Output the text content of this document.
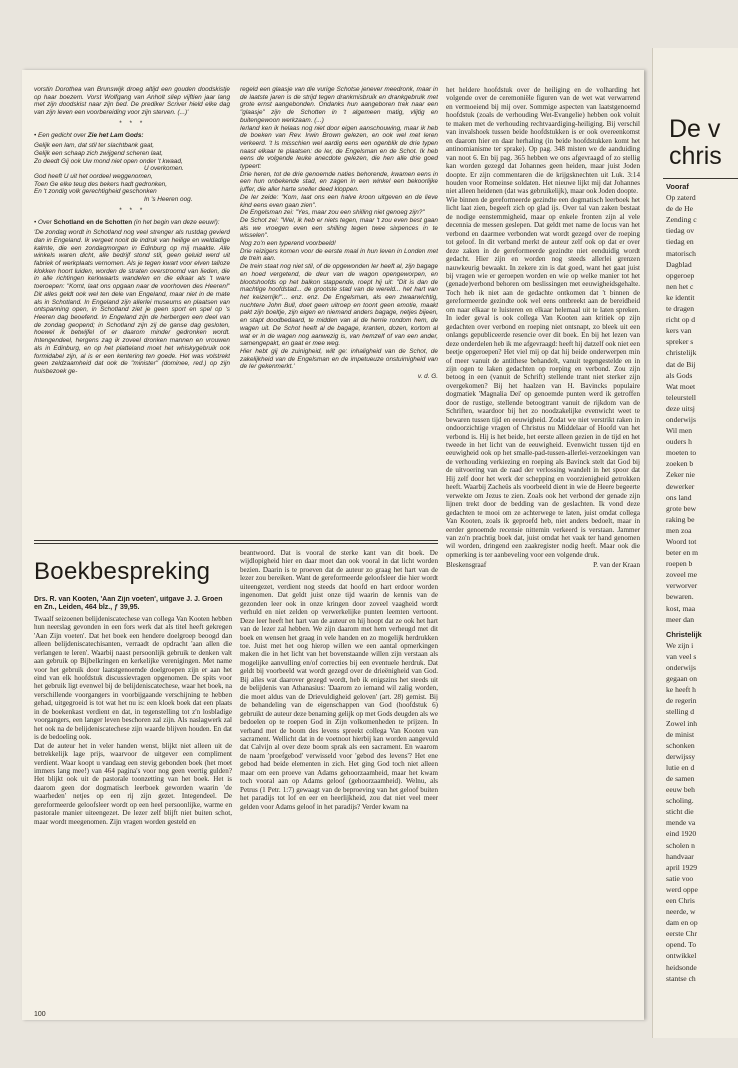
vorstin Dorothea van Brunswijk droeg altijd een gouden doodskistje op haar boezem. Vorst Wolfgang van Anholt sliep vijftien jaar lang met zijn doodskist naar zijn bed. De prediker Scriver hield elke dag van zijn leven een voorbereiding voor zijn sterven. (...)'

* * *
• Een gedicht over Zie het Lam Gods:

Gelijk een lam, dat stil ter slachtbank gaat,

Gelijk een schaap zich zwijgend scheren laat,

Zo deedt Gij ook Uw mond niet open onder 't kwaad,

U overkomen.

God heeft U uit het oordeel weggenomen,

Toen Ge elke teug des bekers hadt gedronken,

En 't zondig volk gerechtigheid geschonken

In 's Heeren oog.

* * *
• Over Schotland en de Schotten (in het begin van deze eeuw!):

'De zondag wordt in Schotland nog veel strenger als rustdag gevierd dan in Engeland. Ik vergeet nooit de indruk van heilige en weldadige kalmte, die een zondagmorgen in Edinburg op mij maakte. Alle winkels waren dicht, alle bedrijf stond stil, geen geluid werd uit fabriek of werkplaats vernomen. Als je tegen kwart voor elven talloze klokken hoort luiden, worden de straten overstroomd van lieden, die in alle richtingen kerkwaarts wandelen en die elkaar als 't ware toeroepen: "Komt, laat ons opgaan naar de voorhoven des Heeren!" Dit alles geldt ook wel ten dele van Engeland, maar niet in de mate als in Schotland. In Engeland zijn allerlei museums en plaatsen van ontspanning open, in Schotland ziet je geen sport en spel op 's Heeren dag beoefend. In Engeland zijn de herbergen een deel van de zondag geopend; in Schotland zijn zij de ganse dag gesloten, hoewel ik betwijfel of er daarom minder gedronken wordt. Intengendeel, hergens zag ik zoveel dronken mannen en vrouwen als in Edinburg, en op het platteland moet het whiskygebruik ook formidabel zijn, al is er een kentering ten goede. Het was volstrekt geen zeldzaamheid dat ook de "minister" (dominee, red.) op zijn huisbezoek ge-

regeld een glaasje van die vurige Schotse jenever meedronk, maar in de laatste jaren is de strijd tegen drankmisbruik en drankgebruik met grote ernst aangebonden. Ondanks hun aangeboren trek naar een "glaasje" zijn de Schotten in 't algemeen matig, vlijtig en buitengewoon werkzaam. (...)
Ierland ken ik helaas nog niet door eigen aanschouwing, maar ik heb de boeken van Rev. Irwin Brown gelezen, en ook wel met leren verkeerd. 't Is misschien wel aardig eens een ogenblik de drie typen naast elkaar te plaatsen: de Ier, de Engelsman en de Schot. Ik heb eens de volgende leuke anecdote gelezen, die hen alle drie goed typeert:
Drie heren, tot de drie genoemde naties behorende, kwamen eens in een hun onbekende stad, en zagen in een winkel een bekoorlijke juffer, die aller harte sneller deed kloppen.
De Ier zeide: "Kom, laat ons een halve kroon uitgeven en de lieve kind eens even gaan zien".
De Engelsman zei: "Yes, maar zou een shilling niet genoeg zijn?"
De Schot zei: "Wel, ik heb er niets tegen, maar 't zou even best gaan als we vroegen even een shilling tegen twee sixpences in te wisselen".
Nog zo'n een typerend voorbeeld!
Drie reizigers komen voor de eerste maal in hun leven in Londen met de trein aan.
De trein staat nog niet stil, of de opgewonden Ier heeft al, zijn bagage en hoed vergetend, de deur van de wagon opengeworpen, en blootshoofds op het balkon stappende, roept hij uit: "Dit is dan de machtige hoofdstad... de grootste stad van de wereld... het hart van het keizerrijk!"... enz. enz. De Engelsman, als een zwaarwichtig, nuchtere John Bull, doet geen uitroep en toont geen emotie, maakt pakt zijn boeltje, zijn eigen en niemand anders bagage, netjes bijeen, en stapt doodbedaard, te midden van al de herrie rondom hem, de wagen uit. De Schot heeft al de bagage, kranten, dozen, kortom al wat er in de wagen nog aanwezig is, van hemzelf of van een ander, samengepakt, en gaat er mee weg.
Hier hebt gij de zuinigheid, wilt ge: inhaligheid van de Schot, de zakelijkheid van de Engelsman en de impetueuze onstuimigheid van de Ier gekenmerkt.'

v. d. G.
Boekbespreking
Drs. R. van Kooten, 'Aan Zijn voeten', uitgave J. J. Groen en Zn., Leiden, 464 blz., ƒ 39,95.

Twaalf seizoenen belijdeniscatechese van collega Van Kooten hebben hun neerslag gevonden in een fors werk dat als titel heeft gekregen 'Aan Zijn voeten'. Dat het boek een hendere doelgroep beoogd dan alleen belijdeniscatechisanten, verraadt de opdracht 'aan allen die verlangen te leren'. Waarbij naast persoonlijk gebruik te denken valt aan gebruik op Bijbelkringen en kerkelijke verenigingen. Met name voor het gebruik door laatstgenoemde doelgroepen zijn er aan het eind van elk hoofdstuk discussievragen opgenomen. De spits voor het gebruik ligt evenwel bij de belijdeniscatechese, waar het boek, na verschillende voorgangers in voorbijgaande verschijning te hebben gehad, uitgegroeid is tot wat het nu is: een kloek boek dat een plaats in de boekenkast verdient en dat, in tegenstelling tot z'n losbladige voorgangers, een langer leven beschoren zal zijn. Als naslagwerk zal het ook na de belijdeniscatechese zijn waarde blijven houden. En dat is de bedoeling ook.
Dat de auteur het in veler handen wenst, blijkt niet alleen uit de betrekkelijk lage prijs, waarvoor de uitgever een compliment verdient. Waar koopt u vandaag een stevig gebonden boek (het moet immers lang mee!) van 464 pagina's voor nog geen veertig gulden? Het blijkt ook uit de pastorale toonzetting van het boek. Het is daarom geen dor dogmatisch leerboek geworden waarin 'de waarheden' netjes op een rij zijn gezet. Integendeel. De gereformeerde geloofsleer wordt op een heel persoonlijke, warme en pastorale manier uiteengezet. De lezer zelf blijft niet buiten schot, maar wordt meegenomen. Zijn vragen worden gesteld en

beantwoord. Dat is vooral de sterke kant van dit boek. De wijdlopigheid hier en daar moet dan ook vooral in dat licht worden bezien. Daarin is te proeven dat de auteur zo graag het hart van de lezer zou bereiken. Want de gereformeerde geloofsleer die hier wordt uiteengezet, verdient nog steeds dat hoofd en hart erdoor worden ingenomen. Dat geldt juist onze tijd waarin de kennis van de gezonden leer ook in onze kringen door zoveel vaagheid wordt verhuld en niet zelden op verwerkelijke punten leemten vertoont. Deze leer heeft het hart van de auteur en hij hoopt dat ze ook het hart van de lezer zal hebben. We zijn daarom met hem verheugd met dit boek en wensen het graag in vele handen en zo mogelijk herdrukken toe. Juist met het oog hierop willen we een aantal opmerkingen maken die in het licht van het bovenstaande willen zijn verstaan als mogelijke aanvulling en/of correcties bij een eventuele herdruk. Dat geldt bij voorbeeld wat wordt gezegd over de drieënigheid van God. Bij alles wat daarover gezegd wordt, heb ik enigszins het steeds uit de belijdenis van Athanasius: 'Daarom zo iemand wil zalig worden, die moet aldus van de Drievuldigheid geloven' (art. 28) gemist. Bij de behandeling van de eigenschappen van God (hoofdstuk 6) gebruikt de auteur deze benaming gelijk op met Gods deugden als we bedoelen op te roepen God in Zijn volkomenheden te prijzen. In verband met de boom des levens spreekt collega Van Kooten van sacrament. Wellicht dat in de voetnoot hierbij kan worden aangevuld dat Calvijn al over deze boom sprak als een sacrament. En waarom de naam 'proefgebod' verwisseld voor 'gebod des levens'? Het ene gebod had beide elementen in zich. Het ging God toch niet alleen maar om een proeve van Adams gehoorzaamheid, maar het kwam toch vooral aan op Adams geloof (gehoorzaamheid). Welnu, als Petrus (1 Petr. 1:7) gewaagt van de beproeving van het geloof buiten het paradijs tot lof en eer en heerlijkheid, zou dat niet veel meer gelden voor Adams geloof in het paradijs? Verder kwam na

het heldere hoofdstuk over de heiliging en de volharding het volgende over de ceremoniële figuren van de wet wat verwarrend en vermoeiend bij mij over. Sommige aspecten van laatstgenoemd hoofdstuk (zoals de verhouding Wet-Evangelie) hebben ook voluit te maken met de verhouding rechtvaardiging-heiliging. Bij verschil van invalshoek tussen beide hoofdstukken is er ook overeenkomst en daarom hier en daar herhaling (in beide hoofdstukken komt het antinomianisme ter sprake). Op pag. 348 misten we de aanduiding van noot 6. En bij pag. 365 hebben we ons afgevraagd of zo stellig kan worden gezegd dat Johannes geen heiden, maar juist Joden doopte. Er zijn commentaren die de krijgsknechten uit Luk. 3:14 houden voor Romeinse soldaten. Het nieuwe lijkt mij dat Johannes niet alleen heidenen (dat was gebruikelijk), maar ook Joden doopte.
Wie binnen de gereformeerde gezindte een dogmatisch leerboek het licht laat zien, begeeft zich op glad ijs. Over tal van zaken bestaat de nodige eenstemmigheid, maar op enkele fronten zijn al vele decennia de messen geslepen. Dat geldt met name de locus van het verbond en daarmee verbonden wat wordt gezegd over de roeping tot geloof. In dit verband merkt de auteur zelf ook op dat er over deze zaken in de gereformeerde gezindte niet eenduidig wordt gedacht. Hier zijn en worden nog steeds allerlei grenzen nauwkeurig bewaakt. In zekere zin is dat goed, want het gaat juist bij vragen wie er geroepen worden en wie op welke manier tot het (genade)verbond behoren om beslissingen met eeuwigheidsgehalte. Toch heb ik niet aan de gedachte ontkomen dat 't binnen de gereformeerde gezindte ook wel eens ontbreekt aan de bereidheid om naar elkaar te luisteren en elkaar helemaal uit te laten spreken. In ieder geval is ook collega Van Kooten aan kritiek op zijn gedachten over verbond en roeping niet ontsnapt, zo bleek uit een onlangs gepubliceerde resencie over dit boek. En bij het lezen van deze onderdelen heb ik me afgevraagd: heeft hij datzelf ook niet een beetje opgeroepen? Het viel mij op dat hij beide onderwerpen min of meer vanuit de antithese behandelt, vanuit tegengestelde en in zijn ogen te laken gedachten op roeping en verbond. Zou zijn betoog in een (vanuit de Schrift) stellende trant niet sterker zijn overgekomen? Bij het haalzen van H. Bavincks populaire dogmatiek 'Magnalia Dei' op genoemde punten werd ik getroffen door de rustige, stellende betoogtrant vanuit de rijkdom van de Schriften, waardoor bij het zo noodzakelijke evenwicht weet te bewaren tussen tijd en eeuwigheid. Zodat we niet verstrikt raken in ondoorzichtige vragen of Christus nu Middelaar of Hoofd van het verbond is. Hij is het beide, het eerste alleen gezien in de tijd en het tweede in het licht van de eeuwigheid. Evenwicht tussen tijd en eeuwigheid ook op het smalle-pad-tussen-allerlei-verzoekingen van de verhouding verkiezing en roeping als Bavinck stelt dat God bij de uitvoering van de raad der verlossing wandelt in het spoor dat Hij zelf door het werk der schepping en voorzienigheid getrokken heeft. Waarbij Zacheüs als voorbeeld dient in wie de Heere begeerte verwekte om Jezus te zien. Zoals ook het verbond der genade zijn lijnen trekt door de bedding van de geslachten. Ik vond deze gedachten te mooi om ze achterwege te laten, juist omdat collega Van Kooten, zoals ik geproefd heb, niet anders bedoelt, maar in eerder genoemde recensie nittemin verkeerd is verstaan. Jammer van zo'n prachtig boek dat, juist omdat het vaak ter hand genomen wil worden, dringend een zaakregister nodig heeft. Maar ook die opmerking is ter aanbeveling voor een volgende druk.

Bleskensgraaf	P. van der Kraan
100
De v
chris
Vooraf
Op zaterd
de de He
Zending c
tiedag ov
tiedag en
matorisch
Dagblad
opgeroep
nen het c
ke identit
te dragen
richt op d
kers van
spreker s
christelijk
dat de Bij
als Gods
Wat moet
teleurstell
deze uitsj
onderwijs
Wil men
ouders h
moeten to
zoeken b
Zeker nie
dewerker
ons land
grote bew
raking be
men zoa
Woord tot
beter en m
roepen b
zoveel me
verworver
bewaren.
kost, maa
meer dan
Christelijk
We zijn i
van veel s
onderwijs
gegaan on
ke heeft h
de regerin
stelling d
Zowel inh
de minist
schonken
derwijssy
lutie en d
de samen
eeuw beh
scholing.
sticht die
mende va
eind 1920
scholen n
handvaar
april 1929
satie voo
werd oppe
een Chris
neerde, w
dam en op
eerste Chr
opend. To
ontwikkel
heidsonde
stantse ch
